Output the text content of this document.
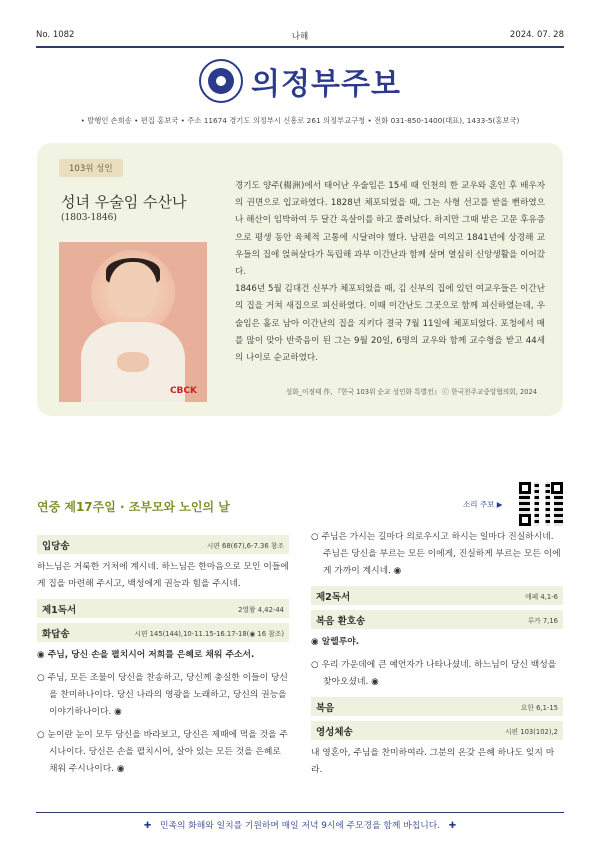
No. 1082	나해	2024. 07. 28
의정부주보
• 발행인 손희송 • 편집 홍보국 • 주소 11674 경기도 의정부시 신흥로 261 의정부교구청 • 전화 031-850-1400(대표), 1433-5(홍보국)
103위 성인
성녀 우술임 수산나
(1803-1846)
CBCK

경기도 양주(楊洲)에서 태어난 우술임은 15세 때 인천의 한 교우와 혼인 후 배우자의 권면으로 입교하였다. 1828년 체포되었을 때, 그는 사형 선고를 받을 뻔하였으나 해산이 임박하여 두 달간 옥살이를 하고 풀려났다. 하지만 그때 받은 고문 후유증으로 평생 동안 육체적 고통에 시달려야 했다. 남편을 여의고 1841년에 상경해 교우들의 집에 얹혀살다가 독립해 과부 이간난과 함께 살며 열심히 신앙생활을 이어갔다.

1846년 5월 김대건 신부가 체포되었을 때, 김 신부의 집에 있던 여교우들은 이간난의 집을 거쳐 새집으로 피신하였다. 이때 이간난도 그곳으로 함께 피신하였는데, 우술임은 홀로 남아 이간난의 집을 지키다 결국 7월 11일에 체포되었다. 포청에서 매를 많이 맞아 반죽음이 된 그는 9월 20일, 6명의 교우와 함께 교수형을 받고 44세의 나이로 순교하였다.

성화_이정태 作, 『한국 103위 순교 성인화 특별전』 ⓒ 한국천주교중앙협의회, 2024
연중 제17주일 · 조부모와 노인의 날	소리 주보 ▶
입당송	시편 68(67),6-7.36 참조
하느님은 거룩한 거처에 계시네. 하느님은 한마음으로 모인 이들에게 집을 마련해 주시고, 백성에게 권능과 힘을 주시네.
제1독서	2열왕 4,42-44
화답송	시편 145(144),10-11.15-16.17-18(◉ 16 참조)
◉ 주님, 당신 손을 펼치시어 저희를 은혜로 채워 주소서.
○ 주님, 모든 조물이 당신을 찬송하고, 당신께 충실한 이들이 당신을 찬미하나이다. 당신 나라의 영광을 노래하고, 당신의 권능을 이야기하나이다. ◉
○ 눈이란 눈이 모두 당신을 바라보고, 당신은 제때에 먹을 것을 주시나이다. 당신은 손을 펼치시어, 살아 있는 모든 것을 은혜로 채워 주시나이다. ◉
○ 주님은 가시는 길마다 의로우시고 하시는 일마다 진실하시네. 주님은 당신을 부르는 모든 이에게, 진실하게 부르는 모든 이에게 가까이 계시네. ◉
제2독서	에페 4,1-6
복음 환호송	루카 7,16
◉ 알렐루야.
○ 우리 가운데에 큰 예언자가 나타나셨네. 하느님이 당신 백성을 찾아오셨네. ◉
복음	요한 6,1-15
영성체송	시편 103(102),2
내 영혼아, 주님을 찬미하여라. 그분의 온갖 은혜 하나도 잊지 마라.
✚ 민족의 화해와 일치를 기원하며 매일 저녁 9시에 주모경을 함께 바칩니다. ✚
